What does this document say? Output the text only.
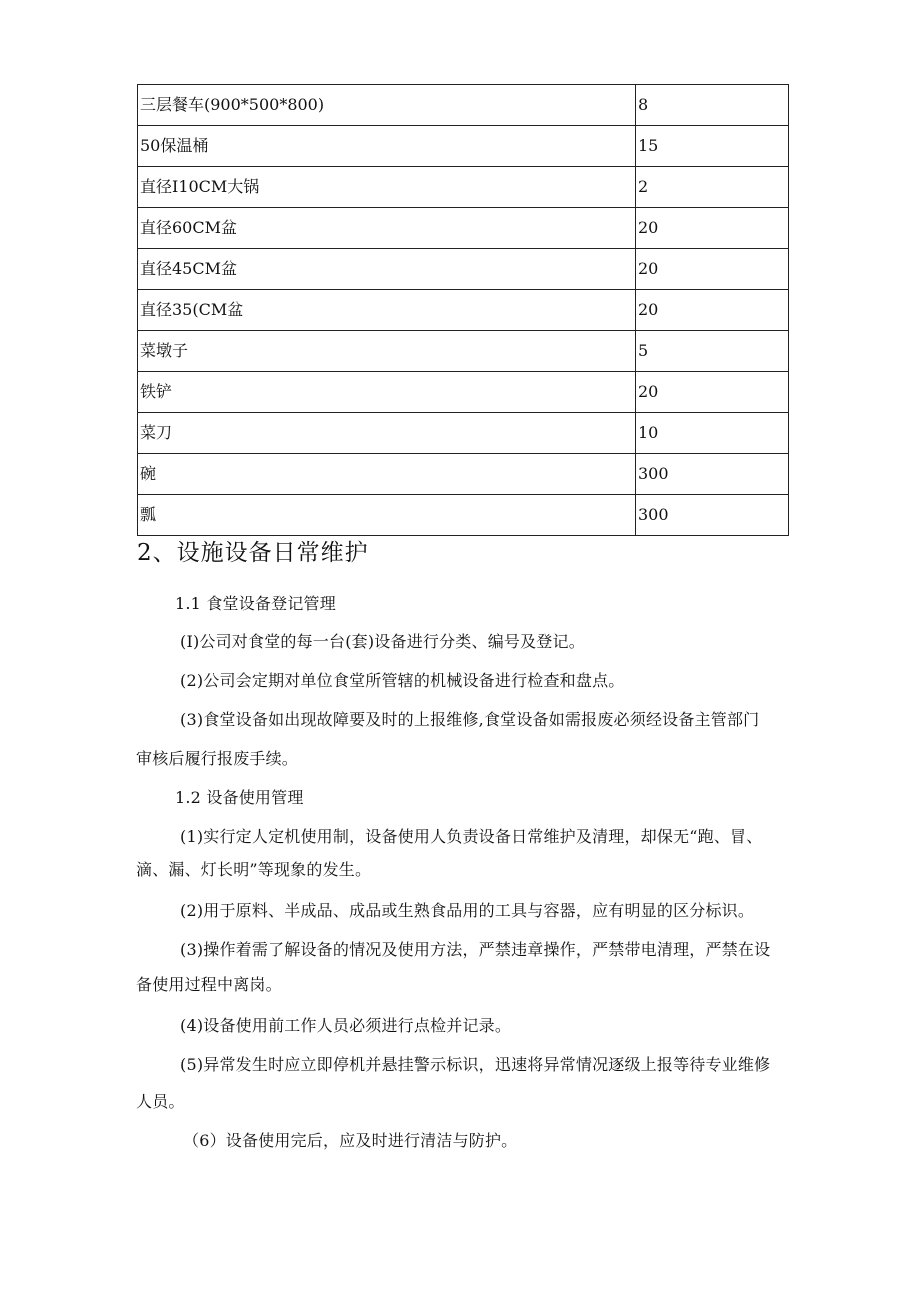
三层餐车(900*500*800)	8
50保温桶	15
直径I10CM大锅	2
直径60CM盆	20
直径45CM盆	20
直径35(CM盆	20
菜墩子	5
铁铲	20
菜刀	10
碗	300
瓢	300
2、设施设备日常维护
1.1 食堂设备登记管理
(I)公司对食堂的每一台(套)设备进行分类、编号及登记。
(2)公司会定期对单位食堂所管辖的机械设备进行检查和盘点。
(3)食堂设备如出现故障要及时的上报维修,食堂设备如需报废必须经设备主管部门
审核后履行报废手续。
1.2 设备使用管理
(1)实行定人定机使用制，设备使用人负责设备日常维护及清理，却保无“跑、冒、
滴、漏、灯长明”等现象的发生。
(2)用于原料、半成品、成品或生熟食品用的工具与容器，应有明显的区分标识。
(3)操作着需了解设备的情况及使用方法，严禁违章操作，严禁带电清理，严禁在设
备使用过程中离岗。
(4)设备使用前工作人员必须进行点检并记录。
(5)异常发生时应立即停机并悬挂警示标识，迅速将异常情况逐级上报等待专业维修
人员。
（6）设备使用完后，应及时进行清洁与防护。
